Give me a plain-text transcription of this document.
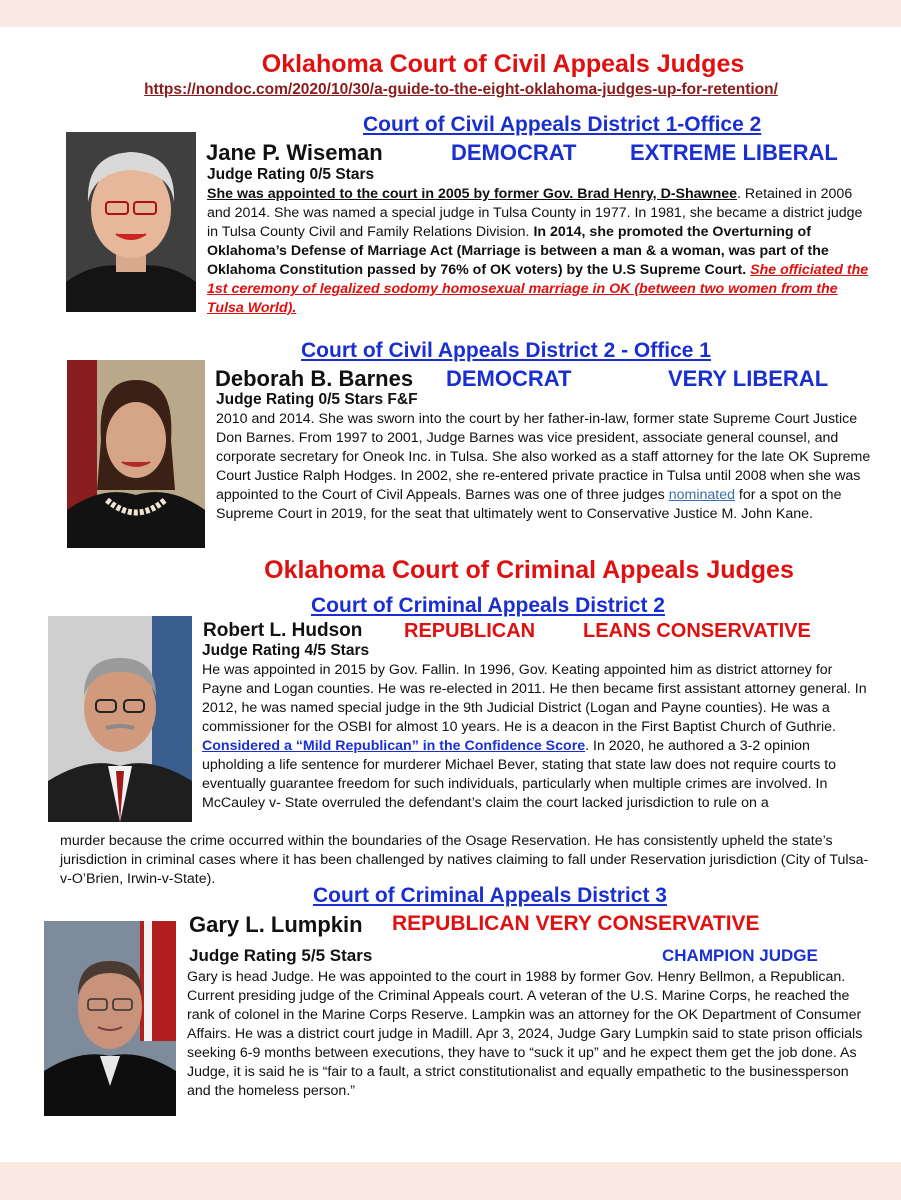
Oklahoma Court of Civil Appeals Judges
https://nondoc.com/2020/10/30/a-guide-to-the-eight-oklahoma-judges-up-for-retention/
Court of Civil Appeals District 1-Office 2
Jane P. Wiseman	DEMOCRAT EXTREME LIBERAL
Judge Rating 0/5 Stars
She was appointed to the court in 2005 by former Gov. Brad Henry, D-Shawnee. Retained in 2006 and 2014. She was named a special judge in Tulsa County in 1977. In 1981, she became a district judge in Tulsa County Civil and Family Relations Division. In 2014, she promoted the Overturning of Oklahoma’s Defense of Marriage Act (Marriage is between a man & a woman, was part of the Oklahoma Constitution passed by 76% of OK voters) by the U.S Supreme Court. She officiated the 1st ceremony of legalized sodomy homosexual marriage in OK (between two women from the Tulsa World).
Court of Civil Appeals District 2 - Office 1
Deborah B. Barnes DEMOCRAT	VERY LIBERAL
Judge Rating 0/5 Stars F&F
2010 and 2014. She was sworn into the court by her father-in-law, former state Supreme Court Justice Don Barnes. From 1997 to 2001, Judge Barnes was vice president, associate general counsel, and corporate secretary for Oneok Inc. in Tulsa. She also worked as a staff attorney for the late OK Supreme Court Justice Ralph Hodges. In 2002, she re-entered private practice in Tulsa until 2008 when she was appointed to the Court of Civil Appeals. Barnes was one of three judges nominated for a spot on the Supreme Court in 2019, for the seat that ultimately went to Conservative Justice M. John Kane.
Oklahoma Court of Criminal Appeals Judges
Court of Criminal Appeals District 2
Robert L. Hudson REPUBLICAN LEANS CONSERVATIVE
Judge Rating 4/5 Stars
He was appointed in 2015 by Gov. Fallin. In 1996, Gov. Keating appointed him as district attorney for Payne and Logan counties. He was re-elected in 2011. He then became first assistant attorney general. In 2012, he was named special judge in the 9th Judicial District (Logan and Payne counties). He was a commissioner for the OSBI for almost 10 years. He is a deacon in the First Baptist Church of Guthrie. Considered a “Mild Republican” in the Confidence Score. In 2020, he authored a 3-2 opinion upholding a life sentence for murderer Michael Bever, stating that state law does not require courts to eventually guarantee freedom for such individuals, particularly when multiple crimes are involved. In McCauley v- State overruled the defendant’s claim the court lacked jurisdiction to rule on a
murder because the crime occurred within the boundaries of the Osage Reservation. He has consistently upheld the state’s jurisdiction in criminal cases where it has been challenged by natives claiming to fall under Reservation jurisdiction (City of Tulsa-v-O’Brien, Irwin-v-State).
Court of Criminal Appeals District 3
Gary L. Lumpkin REPUBLICAN VERY CONSERVATIVE
Judge Rating 5/5 Stars	CHAMPION JUDGE
Gary is head Judge. He was appointed to the court in 1988 by former Gov. Henry Bellmon, a Republican. Current presiding judge of the Criminal Appeals court. A veteran of the U.S. Marine Corps, he reached the rank of colonel in the Marine Corps Reserve. Lampkin was an attorney for the OK Department of Consumer Affairs. He was a district court judge in Madill. Apr 3, 2024, Judge Gary Lumpkin said to state prison officials seeking 6-9 months between executions, they have to “suck it up” and he expect them get the job done. As Judge, it is said he is “fair to a fault, a strict constitutionalist and equally empathetic to the businessperson and the homeless person.”
